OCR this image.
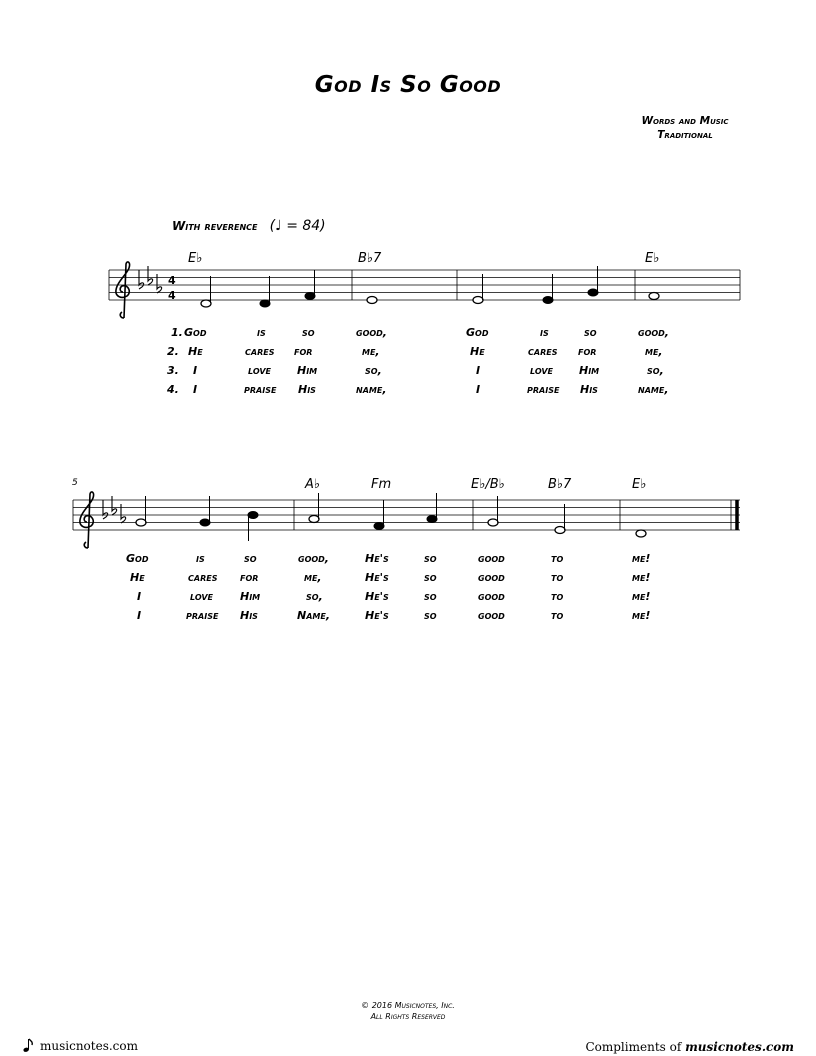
God Is So Good
Words and Music
Traditional
With reverence (♩ = 84)
E♭	B♭7	E♭
5	A♭	Fm	E♭/B♭	B♭7	E♭
4
4
1. God	is	so	good,	God	is	so	good,
2. He	cares for	me,	He	cares for	me,
3. I	love Him	so,	I	love Him	so,
4. I	praise His	name,	I	praise His	name,
God	is	so	good,	He's	so	good	to	me!
He	cares for	me,	He's	so	good	to	me!
I	love Him	so,	He's	so	good	to	me!
I	praise His	Name,	He's	so	good	to	me!
© 2016 Musicnotes, Inc.
All Rights Reserved
musicnotes.com	Compliments of musicnotes.com
